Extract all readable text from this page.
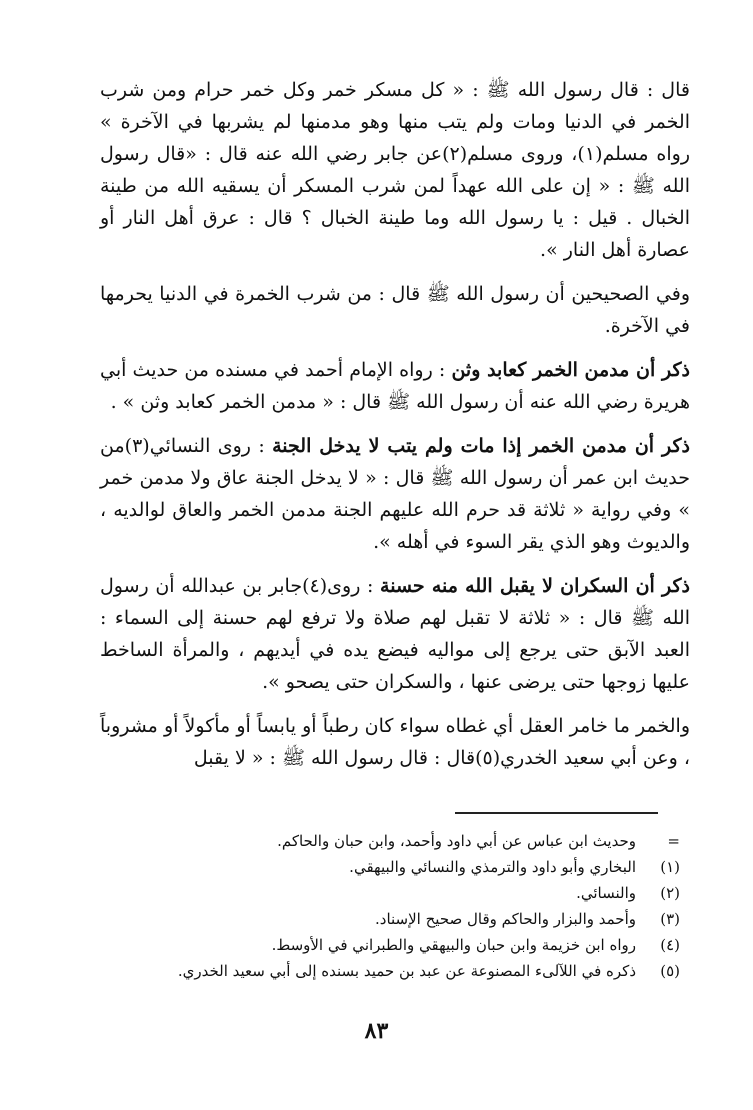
قال : قال رسول الله ﷺ : « كل مسكر خمر وكل خمر حرام ومن شرب الخمر في الدنيا ومات ولم يتب منها وهو مدمنها لم يشربها في الآخرة » رواه مسلم(١)، وروى مسلم(٢)عن جابر رضي الله عنه قال : «قال رسول الله ﷺ : « إن على الله عهداً لمن شرب المسكر أن يسقيه الله من طينة الخبال . قيل : يا رسول الله وما طينة الخبال ؟ قال : عرق أهل النار أو عصارة أهل النار ».

وفي الصحيحين أن رسول الله ﷺ قال : من شرب الخمرة في الدنيا يحرمها في الآخرة.

ذكر أن مدمن الخمر كعابد وثن : رواه الإمام أحمد في مسنده من حديث أبي هريرة رضي الله عنه أن رسول الله ﷺ قال : « مدمن الخمر كعابد وثن » .

ذكر أن مدمن الخمر إذا مات ولم يتب لا يدخل الجنة : روى النسائي(٣)من حديث ابن عمر أن رسول الله ﷺ قال : « لا يدخل الجنة عاق ولا مدمن خمر » وفي رواية « ثلاثة قد حرم الله عليهم الجنة مدمن الخمر والعاق لوالديه ، والديوث وهو الذي يقر السوء في أهله ».

ذكر أن السكران لا يقبل الله منه حسنة : روى(٤)جابر بن عبدالله أن رسول الله ﷺ قال : « ثلاثة لا تقبل لهم صلاة ولا ترفع لهم حسنة إلى السماء : العبد الآبق حتى يرجع إلى مواليه فيضع يده في أيديهم ، والمرأة الساخط عليها زوجها حتى يرضى عنها ، والسكران حتى يصحو ».

والخمر ما خامر العقل أي غطاه سواء كان رطباً أو يابساً أو مأكولاً أو مشروباً ، وعن أبي سعيد الخدري(٥)قال : قال رسول الله ﷺ : « لا يقبل

=
وحديث ابن عباس عن أبي داود وأحمد، وابن حبان والحاكم.
(١)
البخاري وأبو داود والترمذي والنسائي والبيهقي.
(٢)
والنسائي.
(٣)
وأحمد والبزار والحاكم وقال صحيح الإسناد.
(٤)
رواه ابن خزيمة وابن حبان والبيهقي والطبراني في الأوسط.
(٥)
ذكره في اللآلىء المصنوعة عن عبد بن حميد بسنده إلى أبي سعيد الخدري.
٨٣
